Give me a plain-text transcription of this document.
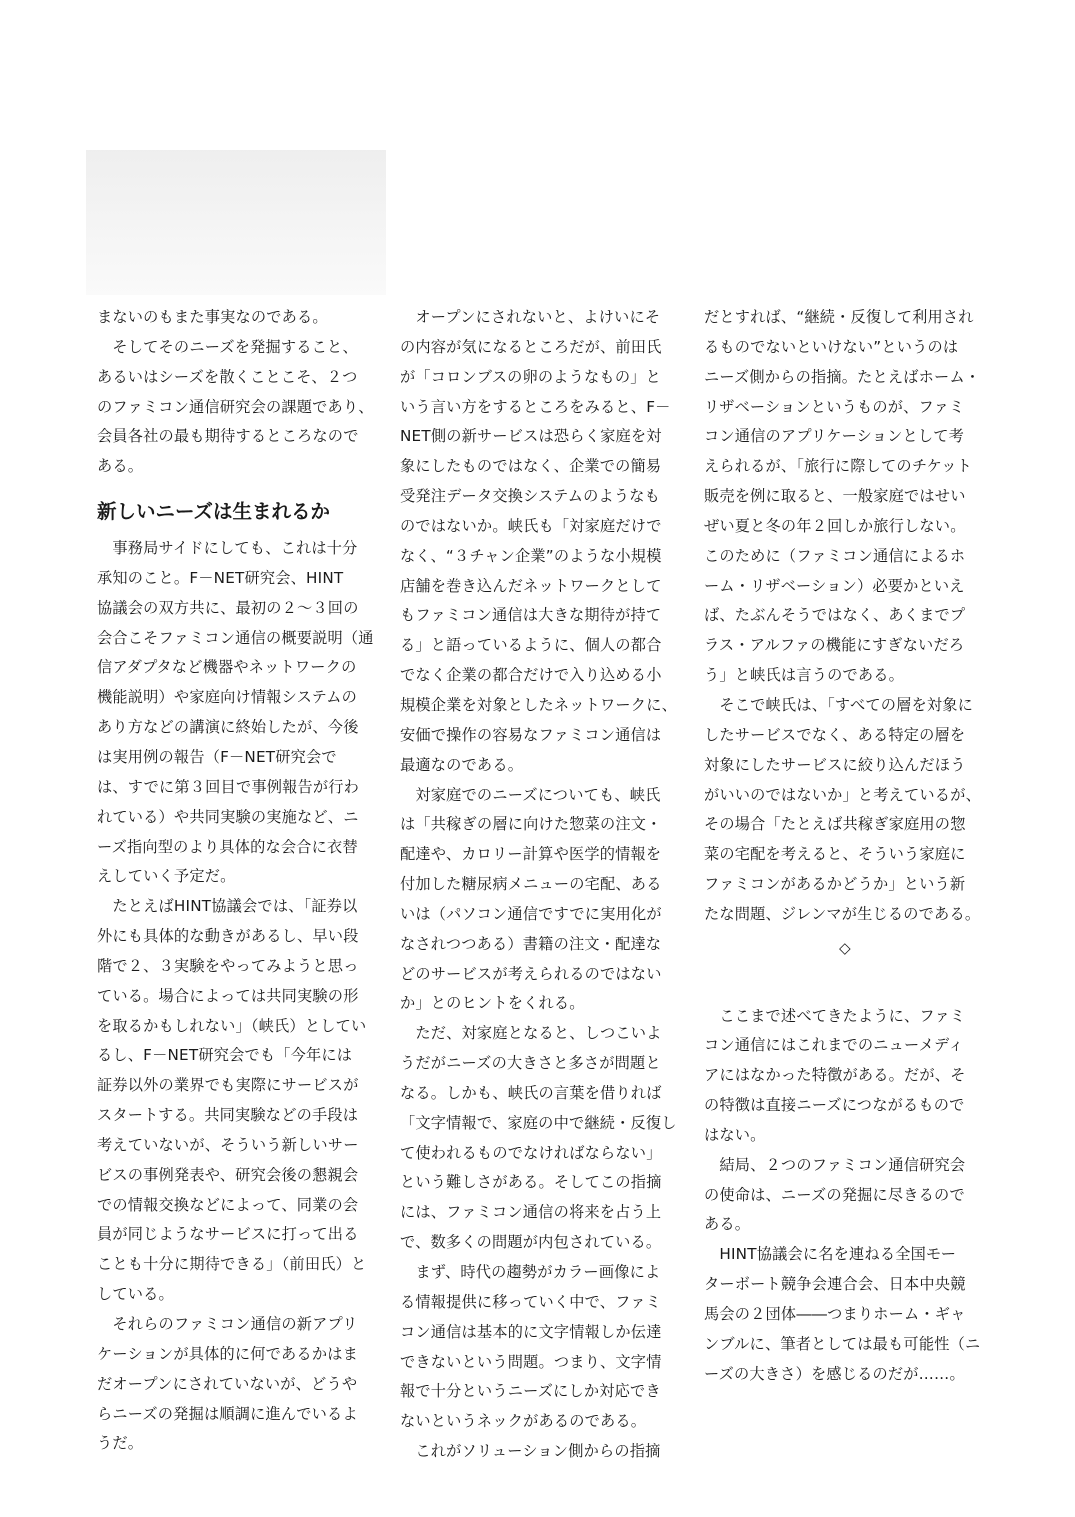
まないのもまた事実なのである。
　そしてそのニーズを発掘すること、
あるいはシーズを散くことこそ、２つ
のファミコン通信研究会の課題であり、
会員各社の最も期待するところなので
ある。
新しいニーズは生まれるか
　事務局サイドにしても、これは十分
承知のこと。F－NET研究会、HINT
協議会の双方共に、最初の２～３回の
会合こそファミコン通信の概要説明（通
信アダプタなど機器やネットワークの
機能説明）や家庭向け情報システムの
あり方などの講演に終始したが、今後
は実用例の報告（F－NET研究会で
は、すでに第３回目で事例報告が行わ
れている）や共同実験の実施など、ニ
ーズ指向型のより具体的な会合に衣替
えしていく予定だ。
　たとえばHINT協議会では、「証券以
外にも具体的な動きがあるし、早い段
階で２、３実験をやってみようと思っ
ている。場合によっては共同実験の形
を取るかもしれない」（峡氏）としてい
るし、F－NET研究会でも「今年には
証券以外の業界でも実際にサービスが
スタートする。共同実験などの手段は
考えていないが、そういう新しいサー
ビスの事例発表や、研究会後の懇親会
での情報交換などによって、同業の会
員が同じようなサービスに打って出る
ことも十分に期待できる」（前田氏）と
している。
　それらのファミコン通信の新アプリ
ケーションが具体的に何であるかはま
だオープンにされていないが、どうや
らニーズの発掘は順調に進んでいるよ
うだ。
　オープンにされないと、よけいにそ
の内容が気になるところだが、前田氏
が「コロンブスの卵のようなもの」と
いう言い方をするところをみると、F－
NET側の新サービスは恐らく家庭を対
象にしたものではなく、企業での簡易
受発注データ交換システムのようなも
のではないか。峡氏も「対家庭だけで
なく、“３チャン企業”のような小規模
店舗を巻き込んだネットワークとして
もファミコン通信は大きな期待が持て
る」と語っているように、個人の都合
でなく企業の都合だけで入り込める小
規模企業を対象としたネットワークに、
安価で操作の容易なファミコン通信は
最適なのである。
　対家庭でのニーズについても、峡氏
は「共稼ぎの層に向けた惣菜の注文・
配達や、カロリー計算や医学的情報を
付加した糖尿病メニューの宅配、ある
いは（パソコン通信ですでに実用化が
なされつつある）書籍の注文・配達な
どのサービスが考えられるのではない
か」とのヒントをくれる。
　ただ、対家庭となると、しつこいよ
うだがニーズの大きさと多さが問題と
なる。しかも、峡氏の言葉を借りれば
「文字情報で、家庭の中で継続・反復し
て使われるものでなければならない」
という難しさがある。そしてこの指摘
には、ファミコン通信の将来を占う上
で、数多くの問題が内包されている。
　まず、時代の趨勢がカラー画像によ
る情報提供に移っていく中で、ファミ
コン通信は基本的に文字情報しか伝達
できないという問題。つまり、文字情
報で十分というニーズにしか対応でき
ないというネックがあるのである。
　これがソリューション側からの指摘
だとすれば、“継続・反復して利用され
るものでないといけない”というのは
ニーズ側からの指摘。たとえばホーム・
リザベーションというものが、ファミ
コン通信のアプリケーションとして考
えられるが、「旅行に際してのチケット
販売を例に取ると、一般家庭ではせい
ぜい夏と冬の年２回しか旅行しない。
このために（ファミコン通信によるホ
ーム・リザベーション）必要かといえ
ば、たぶんそうではなく、あくまでプ
ラス・アルファの機能にすぎないだろ
う」と峡氏は言うのである。
　そこで峡氏は、「すべての層を対象に
したサービスでなく、ある特定の層を
対象にしたサービスに絞り込んだほう
がいいのではないか」と考えているが、
その場合「たとえば共稼ぎ家庭用の惣
菜の宅配を考えると、そういう家庭に
ファミコンがあるかどうか」という新
たな問題、ジレンマが生じるのである。
◇
　ここまで述べてきたように、ファミ
コン通信にはこれまでのニューメディ
アにはなかった特徴がある。だが、そ
の特徴は直接ニーズにつながるもので
はない。
　結局、２つのファミコン通信研究会
の使命は、ニーズの発掘に尽きるので
ある。
　HINT協議会に名を連ねる全国モー
ターボート競争会連合会、日本中央競
馬会の２団体――つまりホーム・ギャ
ンブルに、筆者としては最も可能性（ニ
ーズの大きさ）を感じるのだが……。
